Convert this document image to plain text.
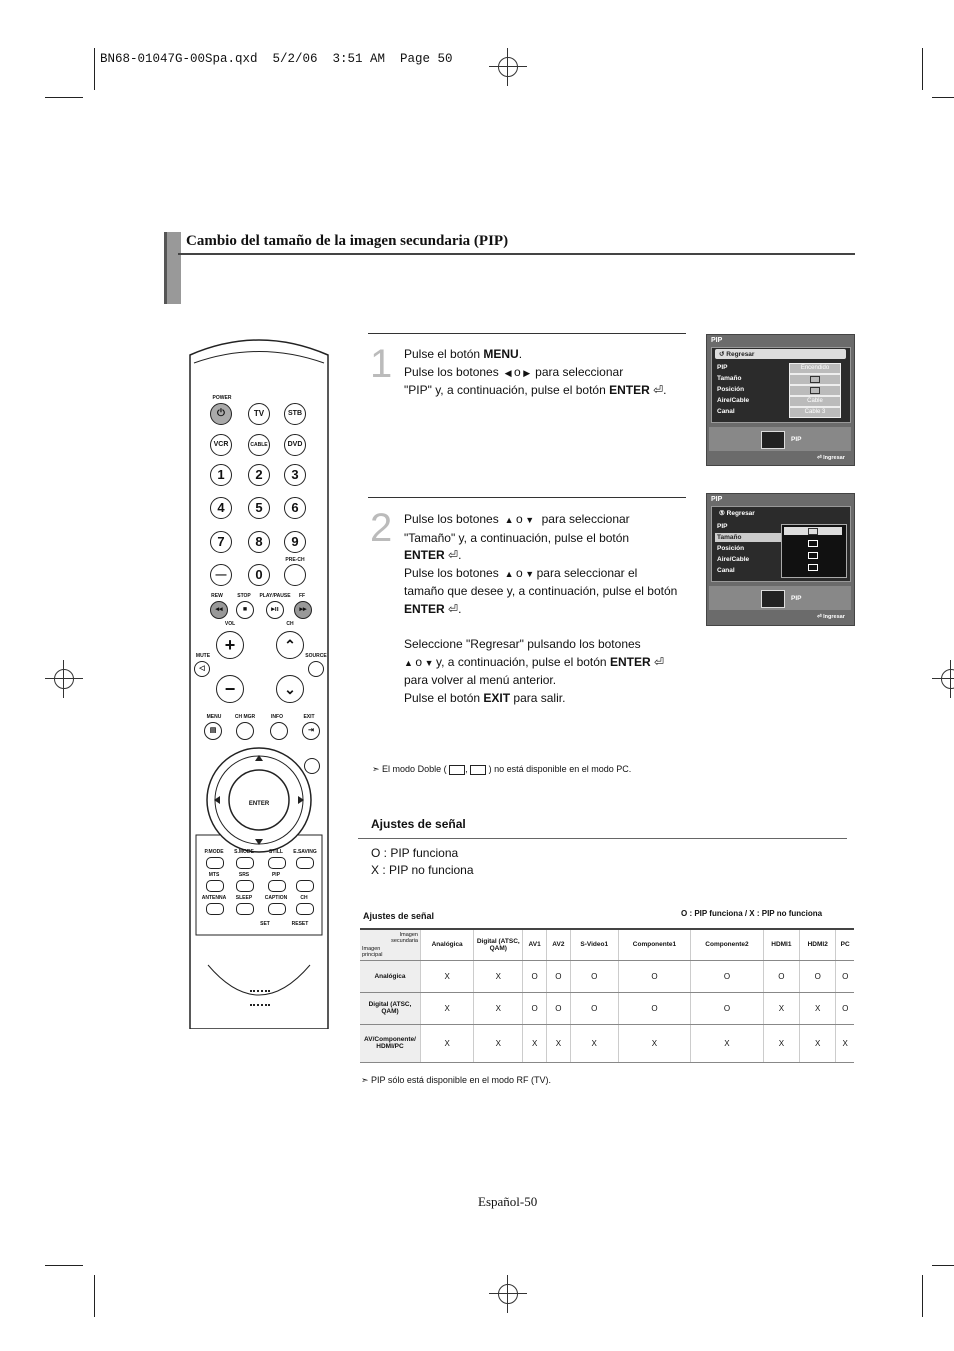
BN68-01047G-00Spa.qxd  5/2/06  3:51 AM  Page 50
Cambio del tamaño de la imagen secundaria (PIP)
POWER
⏻	TV	STB
VCR	CABLE	DVD
1	2	3
4	5	6
7	8	9
—	0
PRE-CH
REW	STOP	PLAY/PAUSE	FF
◂◂	■	▸ıı	▸▸
VOL	CH
+	⌃
MUTE	SOURCE
◁
−	⌄
MENU	CH MGR	INFO	EXIT
▤	⇥
ENTER
P.MODE	S.MODE	STILL	E.SAVING
MTS	SRS	PIP
ANTENNA	SLEEP	CAPTION	CH
SET	RESET
1 Pulse el botón MENU.
Pulse los botones  ◀ o ▶  para seleccionar
"PIP" y, a continuación, pulse el botón ENTER ⏎.
PIP
↺ Regresar
PIP
Tamaño
Posición
Aire/Cable
Canal
Encendido
Cable
Cable 3
PIP
⏎ Ingresar
2 Pulse los botones  ▲ o ▼   para seleccionar
"Tamaño" y, a continuación, pulse el botón
ENTER ⏎.
Pulse los botones  ▲ o ▼ para seleccionar el
tamaño que desee y, a continuación, pulse el botón
ENTER ⏎.
Seleccione "Regresar" pulsando los botones
▲ o ▼ y, a continuación, pulse el botón ENTER ⏎
para volver al menú anterior.
Pulse el botón EXIT para salir.
PIP
⑤ Regresar
PIP
Tamaño
Posición
Aire/Cable
Canal
PIP
⏎ Ingresar
➣ El modo Doble ( , ) no está disponible en el modo PC.
Ajustes de señal
O : PIP funciona
X : PIP no funciona
Ajustes de señal	O : PIP funciona / X : PIP no funciona
Imagen secundaria
Imagen principal	Analógica	Digital (ATSC, QAM)	AV1	AV2	S-Video1	Componente1	Componente2	HDMI1	HDMI2	PC
Analógica	X	X	O	O	O	O	O	O	O	O
Digital (ATSC, QAM)	X	X	O	O	O	O	O	X	X	O
AV/Componente/ HDMI/PC	X	X	X	X	X	X	X	X	X	X
➣ PIP sólo está disponible en el modo RF (TV).
Español-50
